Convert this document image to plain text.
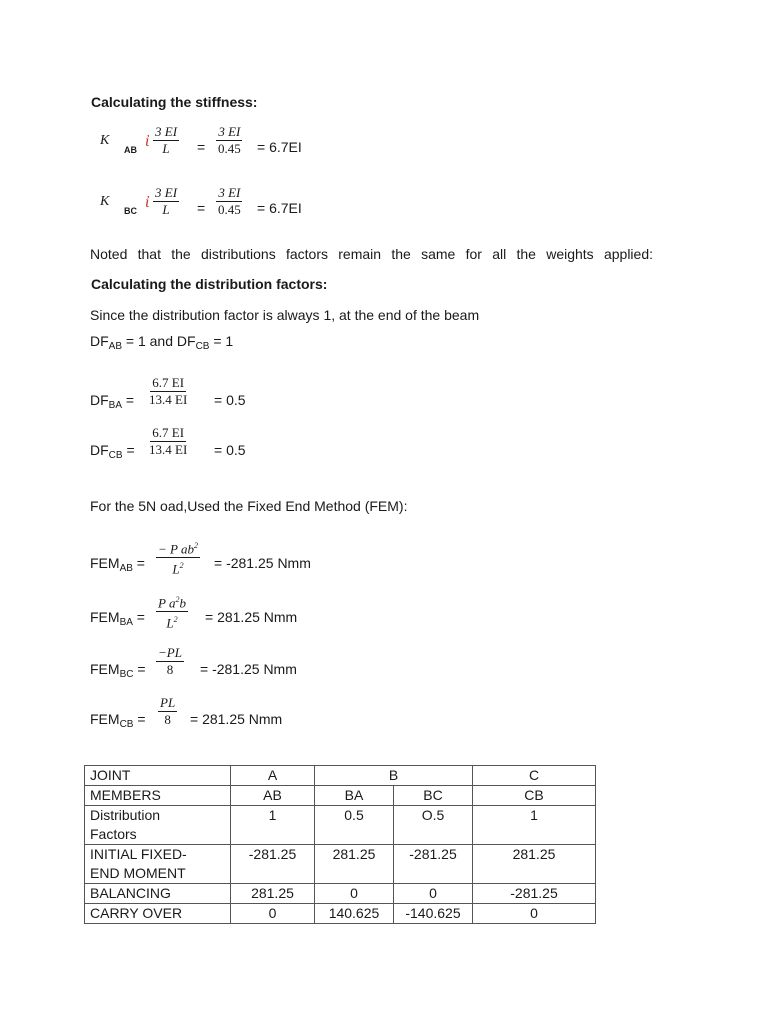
Calculating the stiffness:
K
AB ἰ $\frac{3 EI}{L} = \frac{3 EI}{0.45} = 6.7EI$
K
BC ἰ $\frac{3 EI}{L} = \frac{3 EI}{0.45} = 6.7EI$
Noted that the distributions factors remain the same for all the weights applied:
Calculating the distribution factors:
Since the distribution factor is always 1, at the end of the beam
$DF_{AB} = 1$ and $DF_{CB} = 1$
$DF_{BA} = \frac{6.7 EI}{13.4 EI} = 0.5$
$DF_{CB} = \frac{6.7 EI}{13.4 EI} = 0.5$
For the 5N oad,Used the Fixed End Method (FEM):
$FEM_{AB} = \frac{- P ab^2}{L^2} = -281.25$ Nmm
$FEM_{BA} = \frac{P a^2b}{L^2} = 281.25$ Nmm
$FEM_{BC} = \frac{-PL}{8} = -281.25$ Nmm
$FEM_{CB} = \frac{PL}{8} = 281.25$ Nmm
JOINT	A	B		C
MEMBERS	AB	BA	BC	CB
Distribution
Factors	1	0.5	O.5	1
INITIAL FIXED-
END MOMENT	-281.25	281.25	-281.25	281.25
BALANCING	281.25	0	0	-281.25
CARRY OVER	0	140.625	-140.625	0
